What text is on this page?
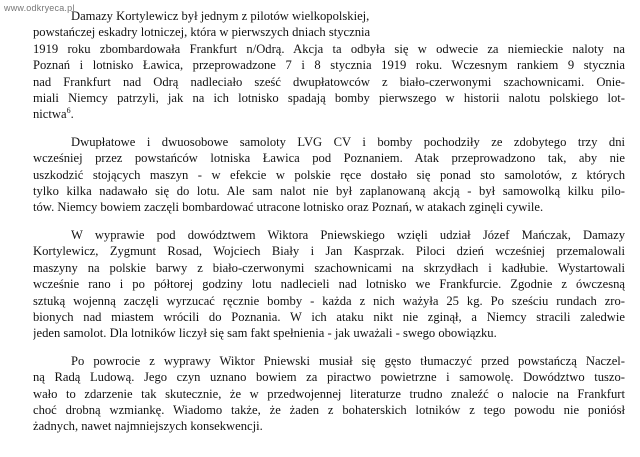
www.odkryeca.pl

Damazy Kortylewicz był jednym z pilotów wielkopolskiej,
powstańczej eskadry lotniczej, która w pierwszych dniach stycznia
1919 roku zbombardowała Frankfurt n/Odrą. Akcja ta odbyła się w odwecie za niemieckie naloty na
Poznań i lotnisko Ławica, przeprowadzone 7 i 8 stycznia 1919 roku. Wczesnym rankiem 9 stycznia
nad Frankfurt nad Odrą nadleciało sześć dwupłatowców z biało-czerwonymi szachownicami. Onie-
miali Niemcy patrzyli, jak na ich lotnisko spadają bomby pierwszego w historii nalotu polskiego lot-
nictwa$^6$.

Dwupłatowe i dwuosobowe samoloty LVG CV i bomby pochodziły ze zdobytego trzy dni
wcześniej przez powstańców lotniska Ławica pod Poznaniem. Atak przeprowadzono tak, aby nie
uszkodzić stojących maszyn - w efekcie w polskie ręce dostało się ponad sto samolotów, z których
tylko kilka nadawało się do lotu. Ale sam nalot nie był zaplanowaną akcją - był samowolką kilku pilo-
tów. Niemcy bowiem zaczęli bombardować utracone lotnisko oraz Poznań, w atakach zginęli cywile.

W wyprawie pod dowództwem Wiktora Pniewskiego wzięli udział Józef Mańczak, Damazy
Kortylewicz, Zygmunt Rosad, Wojciech Biały i Jan Kasprzak. Piloci dzień wcześniej przemalowali
maszyny na polskie barwy z biało-czerwonymi szachownicami na skrzydłach i kadłubie. Wystartowali
wcześnie rano i po półtorej godziny lotu nadlecieli nad lotnisko we Frankfurcie. Zgodnie z ówczesną
sztuką wojenną zaczęli wyrzucać ręcznie bomby - każda z nich ważyła 25 kg. Po sześciu rundach zro-
bionych nad miastem wrócili do Poznania. W ich ataku nikt nie zginął, a Niemcy stracili zaledwie
jeden samolot. Dla lotników liczył się sam fakt spełnienia - jak uważali - swego obowiązku.

Po powrocie z wyprawy Wiktor Pniewski musiał się gęsto tłumaczyć przed powstańczą Naczel-
ną Radą Ludową. Jego czyn uznano bowiem za piractwo powietrzne i samowolę. Dowództwo tuszo-
wało to zdarzenie tak skutecznie, że w przedwojennej literaturze trudno znaleźć o nalocie na Frankfurt
choć drobną wzmiankę. Wiadomo także, że żaden z bohaterskich lotników z tego powodu nie poniósł
żadnych, nawet najmniejszych konsekwencji.
